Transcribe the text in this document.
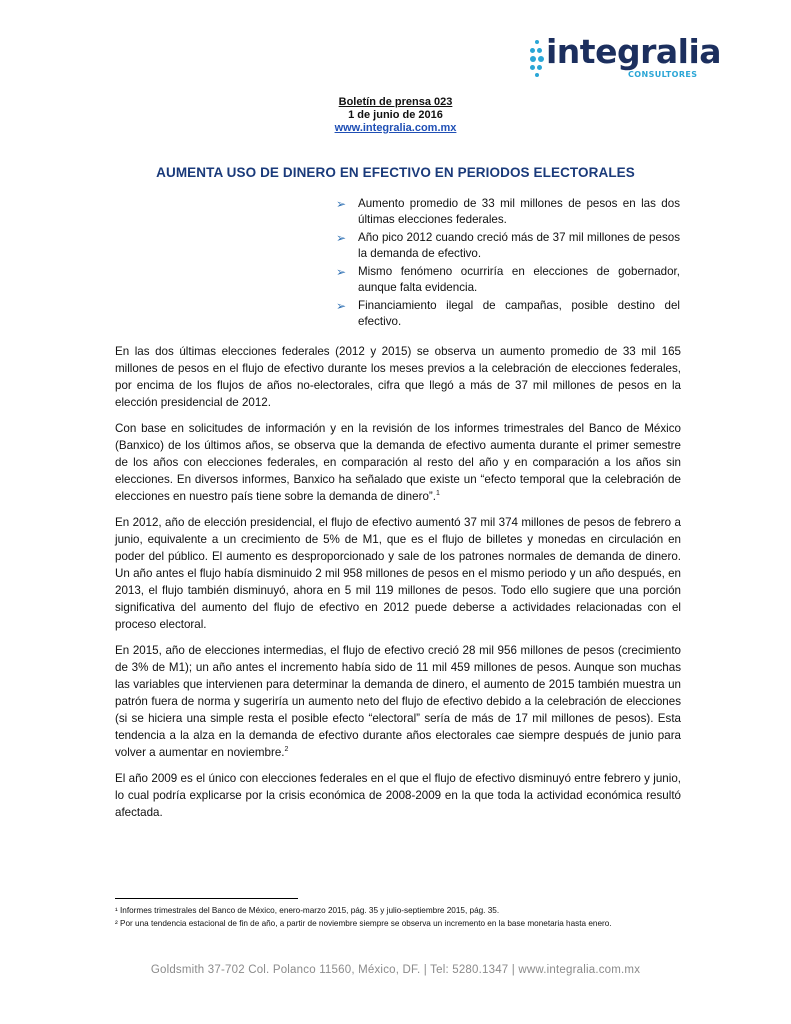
integralia
CONSULTORES
Boletín de prensa 023
1 de junio de 2016
www.integralia.com.mx
AUMENTA USO DE DINERO EN EFECTIVO EN PERIODOS ELECTORALES
➢ Aumento promedio de 33 mil millones de pesos en las dos últimas elecciones federales.
➢ Año pico 2012 cuando creció más de 37 mil millones de pesos la demanda de efectivo.
➢ Mismo fenómeno ocurriría en elecciones de gobernador, aunque falta evidencia.
➢ Financiamiento ilegal de campañas, posible destino del efectivo.

En las dos últimas elecciones federales (2012 y 2015) se observa un aumento promedio de 33 mil 165 millones de pesos en el flujo de efectivo durante los meses previos a la celebración de elecciones federales, por encima de los flujos de años no-electorales, cifra que llegó a más de 37 mil millones de pesos en la elección presidencial de 2012.

Con base en solicitudes de información y en la revisión de los informes trimestrales del Banco de México (Banxico) de los últimos años, se observa que la demanda de efectivo aumenta durante el primer semestre de los años con elecciones federales, en comparación al resto del año y en comparación a los años sin elecciones. En diversos informes, Banxico ha señalado que existe un “efecto temporal que la celebración de elecciones en nuestro país tiene sobre la demanda de dinero”.$^1$

En 2012, año de elección presidencial, el flujo de efectivo aumentó 37 mil 374 millones de pesos de febrero a junio, equivalente a un crecimiento de 5% de M1, que es el flujo de billetes y monedas en circulación en poder del público. El aumento es desproporcionado y sale de los patrones normales de demanda de dinero. Un año antes el flujo había disminuido 2 mil 958 millones de pesos en el mismo periodo y un año después, en 2013, el flujo también disminuyó, ahora en 5 mil 119 millones de pesos. Todo ello sugiere que una porción significativa del aumento del flujo de efectivo en 2012 puede deberse a actividades relacionadas con el proceso electoral.

En 2015, año de elecciones intermedias, el flujo de efectivo creció 28 mil 956 millones de pesos (crecimiento de 3% de M1); un año antes el incremento había sido de 11 mil 459 millones de pesos. Aunque son muchas las variables que intervienen para determinar la demanda de dinero, el aumento de 2015 también muestra un patrón fuera de norma y sugeriría un aumento neto del flujo de efectivo debido a la celebración de elecciones (si se hiciera una simple resta el posible efecto “electoral” sería de más de 17 mil millones de pesos). Esta tendencia a la alza en la demanda de efectivo durante años electorales cae siempre después de junio para volver a aumentar en noviembre.$^2$

El año 2009 es el único con elecciones federales en el que el flujo de efectivo disminuyó entre febrero y junio, lo cual podría explicarse por la crisis económica de 2008-2009 en la que toda la actividad económica resultó afectada.

¹ Informes trimestrales del Banco de México, enero-marzo 2015, pág. 35 y julio-septiembre 2015, pág. 35.
² Por una tendencia estacional de fin de año, a partir de noviembre siempre se observa un incremento en la base monetaria hasta enero.
Goldsmith 37-702 Col. Polanco 11560, México, DF. | Tel: 5280.1347 | www.integralia.com.mx
